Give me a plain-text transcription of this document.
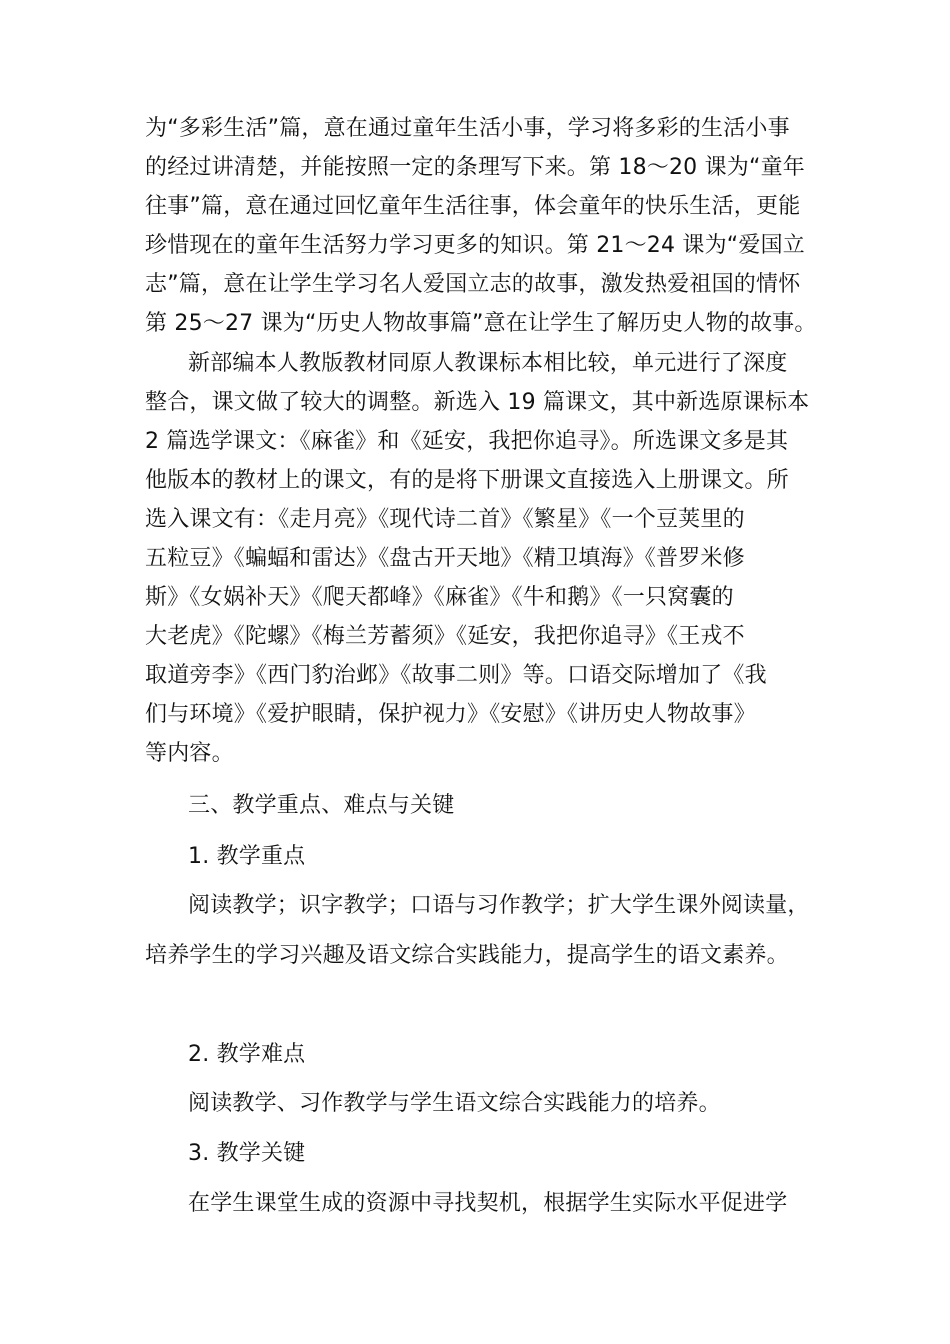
为“多彩生活”篇，意在通过童年生活小事，学习将多彩的生活小事
的经过讲清楚，并能按照一定的条理写下来。第 18～20 课为“童年
往事”篇，意在通过回忆童年生活往事，体会童年的快乐生活，更能
珍惜现在的童年生活努力学习更多的知识。第 21～24 课为“爱国立
志”篇，意在让学生学习名人爱国立志的故事，激发热爱祖国的情怀
第 25～27 课为“历史人物故事篇”意在让学生了解历史人物的故事。
新部编本人教版教材同原人教课标本相比较，单元进行了深度
整合，课文做了较大的调整。新选入 19 篇课文，其中新选原课标本
2 篇选学课文：《麻雀》和《延安，我把你追寻》。所选课文多是其
他版本的教材上的课文，有的是将下册课文直接选入上册课文。所
选入课文有：《走月亮》《现代诗二首》《繁星》《一个豆荚里的
五粒豆》《蝙蝠和雷达》《盘古开天地》《精卫填海》《普罗米修
斯》《女娲补天》《爬天都峰》《麻雀》《牛和鹅》《一只窝囊的
大老虎》《陀螺》《梅兰芳蓄须》《延安，我把你追寻》《王戎不
取道旁李》《西门豹治邺》《故事二则》等。口语交际增加了《我
们与环境》《爱护眼睛，保护视力》《安慰》《讲历史人物故事》
等内容。
三、教学重点、难点与关键
1. 教学重点
阅读教学；识字教学；口语与习作教学；扩大学生课外阅读量，
培养学生的学习兴趣及语文综合实践能力，提高学生的语文素养。
2. 教学难点
阅读教学、习作教学与学生语文综合实践能力的培养。
3. 教学关键
在学生课堂生成的资源中寻找契机，根据学生实际水平促进学
